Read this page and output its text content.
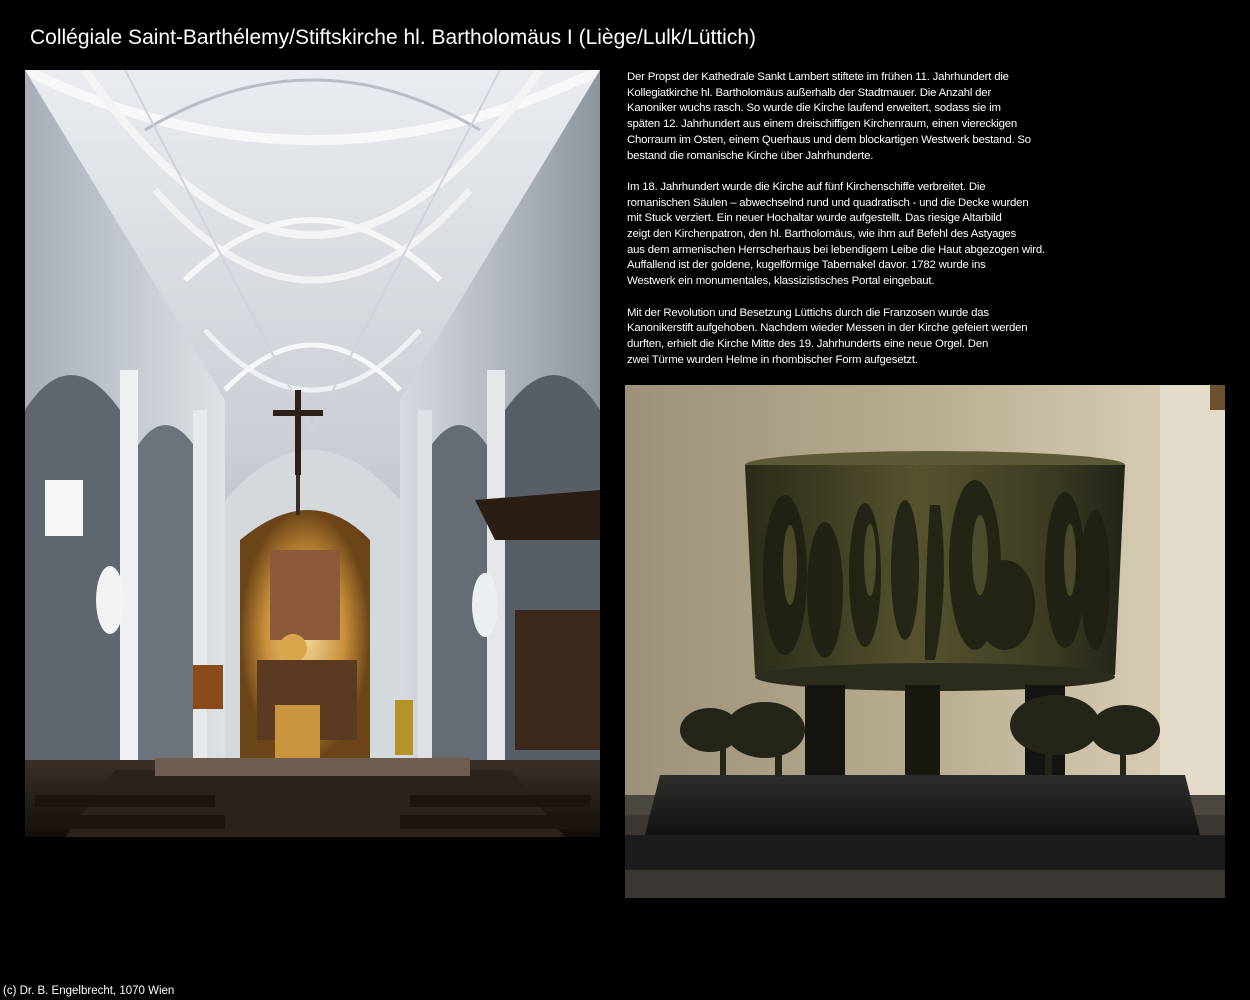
Collégiale Saint-Barthélemy/Stiftskirche hl. Bartholomäus I (Liège/Lulk/Lüttich)

Der Propst der Kathedrale Sankt Lambert stiftete im frühen 11. Jahrhundert die
Kollegiatkirche hl. Bartholomäus außerhalb der Stadtmauer. Die Anzahl der
Kanoniker wuchs rasch. So wurde die Kirche laufend erweitert, sodass sie im
späten 12. Jahrhundert aus einem dreischiffigen Kirchenraum, einen viereckigen
Chorraum im Osten, einem Querhaus und dem blockartigen Westwerk bestand. So
bestand die romanische Kirche über Jahrhunderte.

Im 18. Jahrhundert wurde die Kirche auf fünf Kirchenschiffe verbreitet. Die
romanischen Säulen – abwechselnd rund und quadratisch - und die Decke wurden
mit Stuck verziert. Ein neuer Hochaltar wurde aufgestellt. Das riesige Altarbild
zeigt den Kirchenpatron, den hl. Bartholomäus, wie ihm auf Befehl des Astyages
aus dem armenischen Herrscherhaus bei lebendigem Leibe die Haut abgezogen wird.
Auffallend ist der goldene, kugelförmige Tabernakel davor. 1782 wurde ins
Westwerk ein monumentales, klassizistisches Portal eingebaut.

Mit der Revolution und Besetzung Lüttichs durch die Franzosen wurde das
Kanonikerstift aufgehoben. Nachdem wieder Messen in der Kirche gefeiert werden
durften, erhielt die Kirche Mitte des 19. Jahrhunderts eine neue Orgel. Den
zwei Türme wurden Helme in rhombischer Form aufgesetzt.

(c) Dr. B. Engelbrecht, 1070 Wien
